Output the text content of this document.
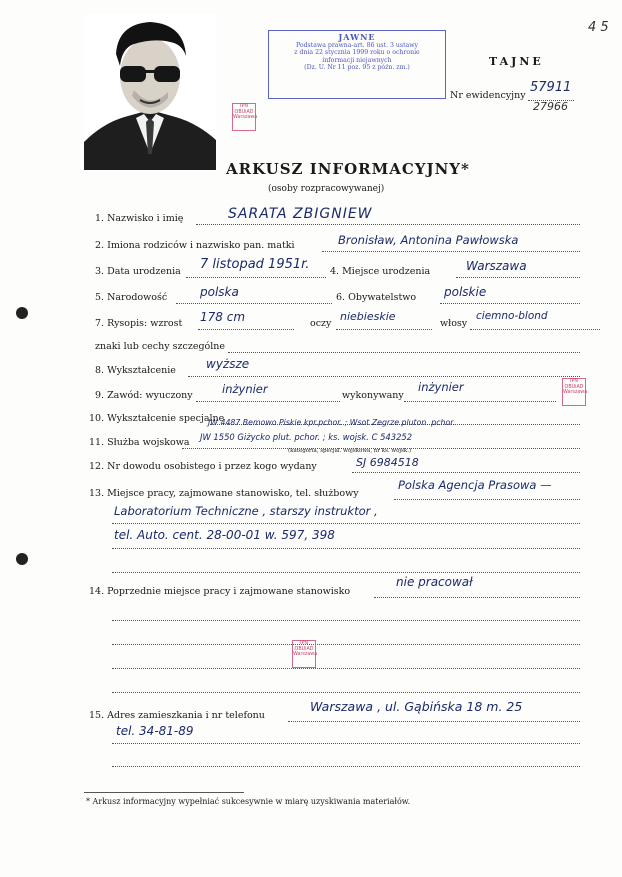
IPN
OBUiAD
Warszawa
JAWNE
Podstawa prawna-art. 86 ust. 3 ustawy
z dnia 22 stycznia 1999 roku o ochronie
informacji niejawnych
(Dz. U. Nr 11 poz. 95 z późn. zm.)
4 5
TAJNE
Nr ewidencyjny
57911
27966
ARKUSZ INFORMACYJNY*
(osoby rozpracowywanej)
1. Nazwisko i imię	SARATA ZBIGNIEW
2. Imiona rodziców i nazwisko pan. matki	Bronisław, Antonina Pawłowska
3. Data urodzenia 7 listopad 1951r. 4. Miejsce urodzenia	Warszawa
5. Narodowość	polska	6. Obywatelstwo polskie
7. Rysopis: wzrost 178 cm	oczy
niebieskie
włosy
ciemno-blond
znaki lub cechy szczególne
8. Wykształcenie	wyższe
9. Zawód: wyuczony	inżynier	wykonywany
inżynier	IPN
OBUiAD
Warszawa
10. Wykształcenie specjalne
JW 4487 Bemowo Piskie kpr.pchor. ; Wsot Zegrze pluton. pchor.
11. Służba wojskowa JW 1550 Giżycko plut. pchor. ; ks. wojsk. C 543252
(kategoria, specjal. wojskowa, nr ks. wojsk.)
12. Nr dowodu osobistego i przez kogo wydany	SJ 6984518
13. Miejsce pracy, zajmowane stanowisko, tel. służbowy
Polska Agencja Prasowa —
Laboratorium Techniczne , starszy instruktor ,
tel. Auto. cent. 28-00-01 w. 597, 398
14. Poprzednie miejsce pracy i zajmowane stanowisko
nie pracował
IPN
OBUiAD
Warszawa
15. Adres zamieszkania i nr telefonu
Warszawa , ul. Gąbińska 18 m. 25
tel. 34-81-89
* Arkusz informacyjny wypełniać sukcesywnie w miarę uzyskiwania materiałów.
